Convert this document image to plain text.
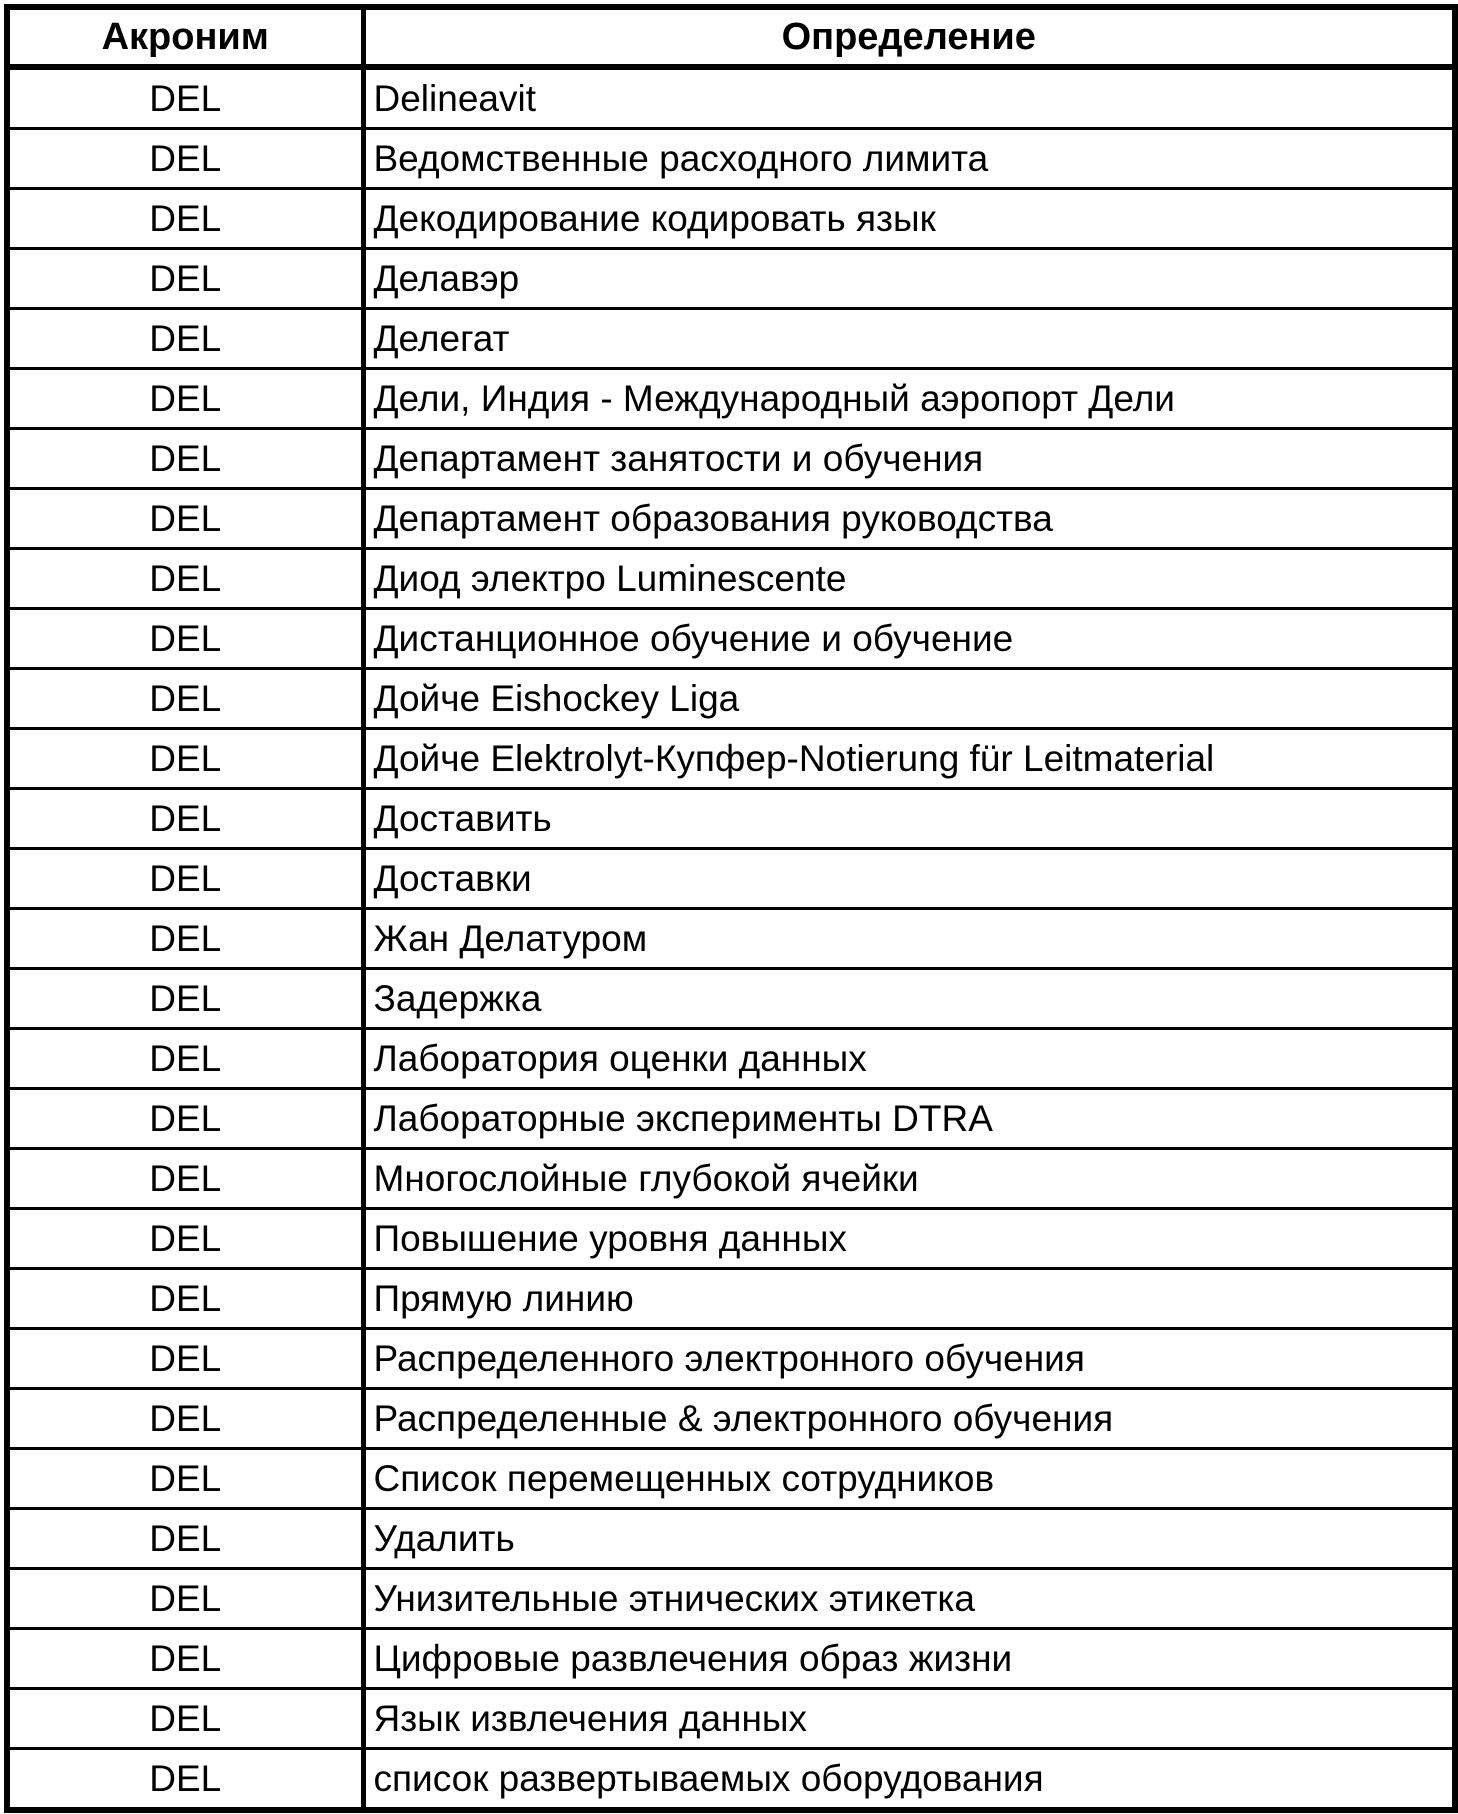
Акроним	Определение
DEL	Delineavit
DEL	Ведомственные расходного лимита
DEL	Декодирование кодировать язык
DEL	Делавэр
DEL	Делегат
DEL	Дели, Индия - Международный аэропорт Дели
DEL	Департамент занятости и обучения
DEL	Департамент образования руководства
DEL	Диод электро Luminescente
DEL	Дистанционное обучение и обучение
DEL	Дойче Eishockey Liga
DEL	Дойче Elektrolyt-Купфер-Notierung für Leitmaterial
DEL	Доставить
DEL	Доставки
DEL	Жан Делатуром
DEL	Задержка
DEL	Лаборатория оценки данных
DEL	Лабораторные эксперименты DTRA
DEL	Многослойные глубокой ячейки
DEL	Повышение уровня данных
DEL	Прямую линию
DEL	Распределенного электронного обучения
DEL	Распределенные & электронного обучения
DEL	Список перемещенных сотрудников
DEL	Удалить
DEL	Унизительные этнических этикетка
DEL	Цифровые развлечения образ жизни
DEL	Язык извлечения данных
DEL	список развертываемых оборудования
